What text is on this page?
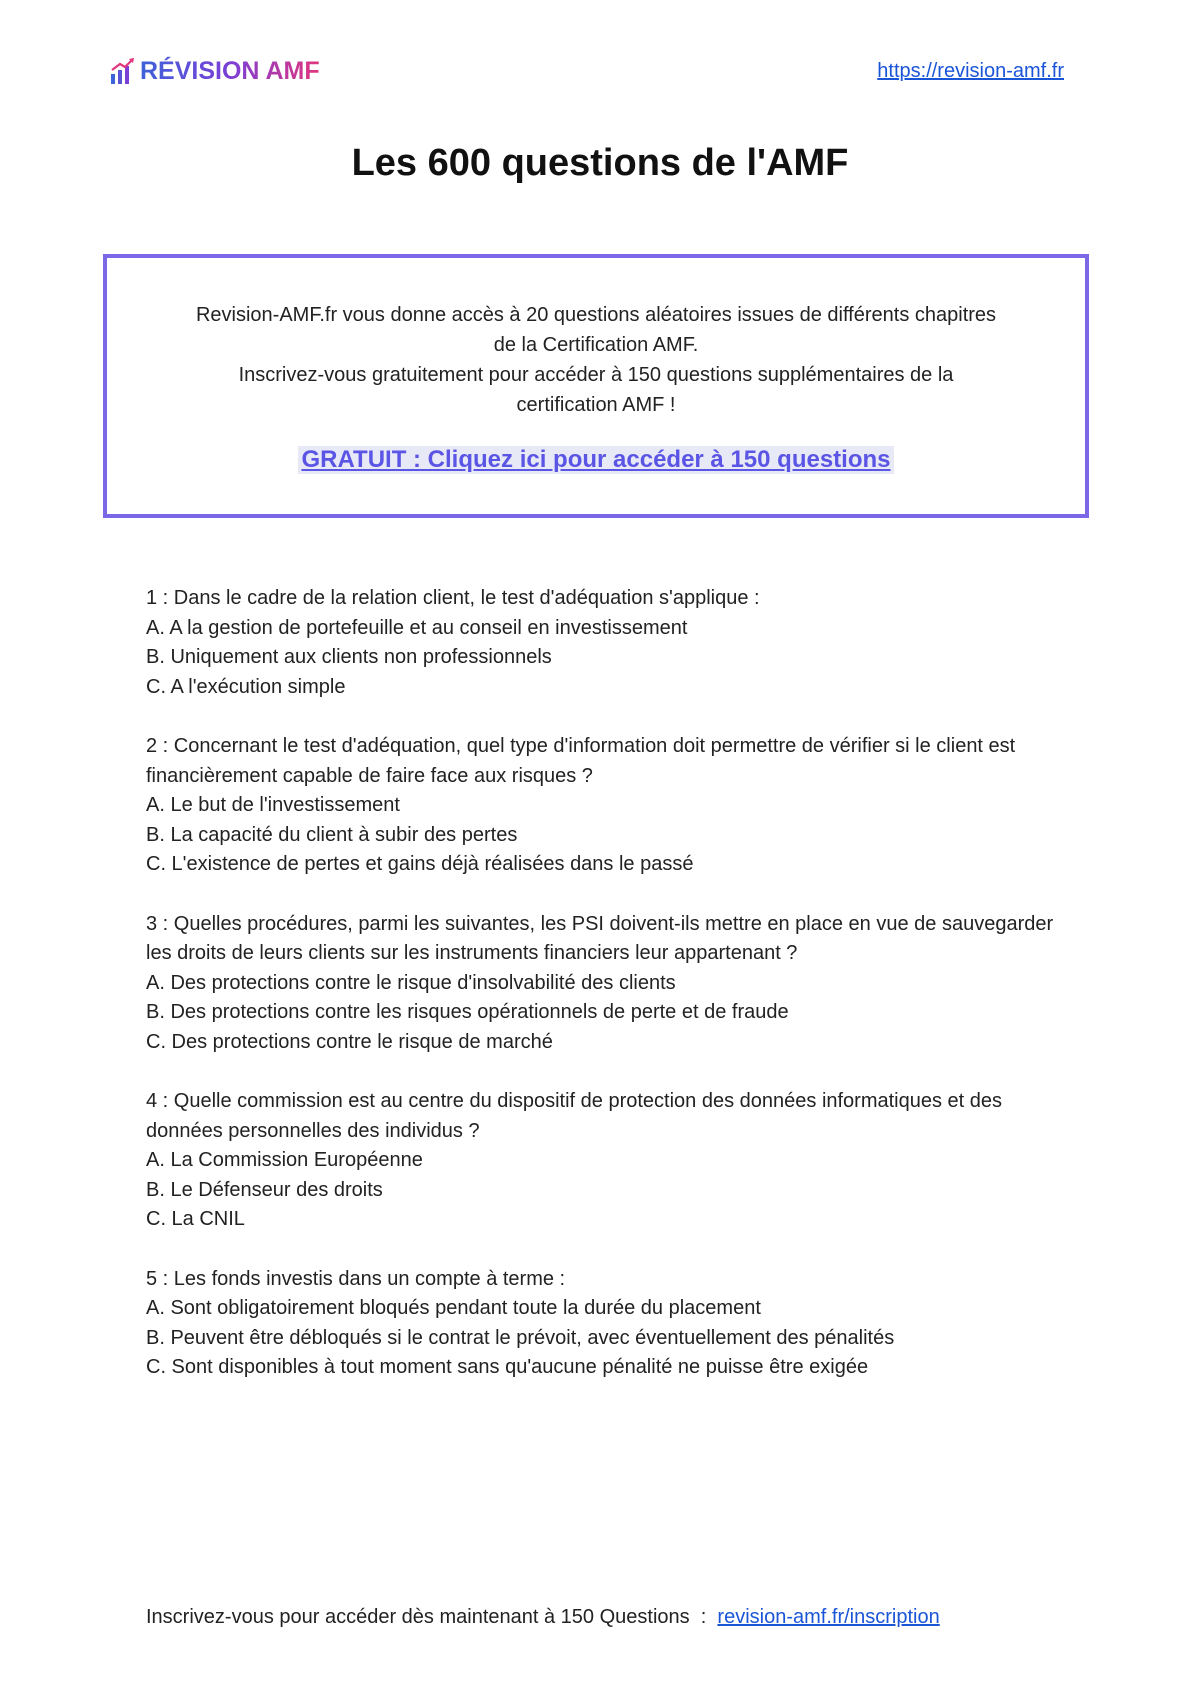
RÉVISION AMF	https://revision-amf.fr
Les 600 questions de l'AMF
Revision-AMF.fr vous donne accès à 20 questions aléatoires issues de différents chapitres de la Certification AMF.
Inscrivez-vous gratuitement pour accéder à 150 questions supplémentaires de la certification AMF !
GRATUIT : Cliquez ici pour accéder à 150 questions

1 : Dans le cadre de la relation client, le test d'adéquation s'applique :

A. A la gestion de portefeuille et au conseil en investissement

B. Uniquement aux clients non professionnels

C. A l'exécution simple

2 : Concernant le test d'adéquation, quel type d'information doit permettre de vérifier si le client est financièrement capable de faire face aux risques ?

A. Le but de l'investissement

B. La capacité du client à subir des pertes

C. L'existence de pertes et gains déjà réalisées dans le passé

3 : Quelles procédures, parmi les suivantes, les PSI doivent-ils mettre en place en vue de sauvegarder les droits de leurs clients sur les instruments financiers leur appartenant ?

A. Des protections contre le risque d'insolvabilité des clients

B. Des protections contre les risques opérationnels de perte et de fraude

C. Des protections contre le risque de marché

4 : Quelle commission est au centre du dispositif de protection des données informatiques et des données personnelles des individus ?

A. La Commission Européenne

B. Le Défenseur des droits

C. La CNIL

5 : Les fonds investis dans un compte à terme :

A. Sont obligatoirement bloqués pendant toute la durée du placement

B. Peuvent être débloqués si le contrat le prévoit, avec éventuellement des pénalités

C. Sont disponibles à tout moment sans qu'aucune pénalité ne puisse être exigée

Inscrivez-vous pour accéder dès maintenant à 150 Questions  :  revision-amf.fr/inscription
